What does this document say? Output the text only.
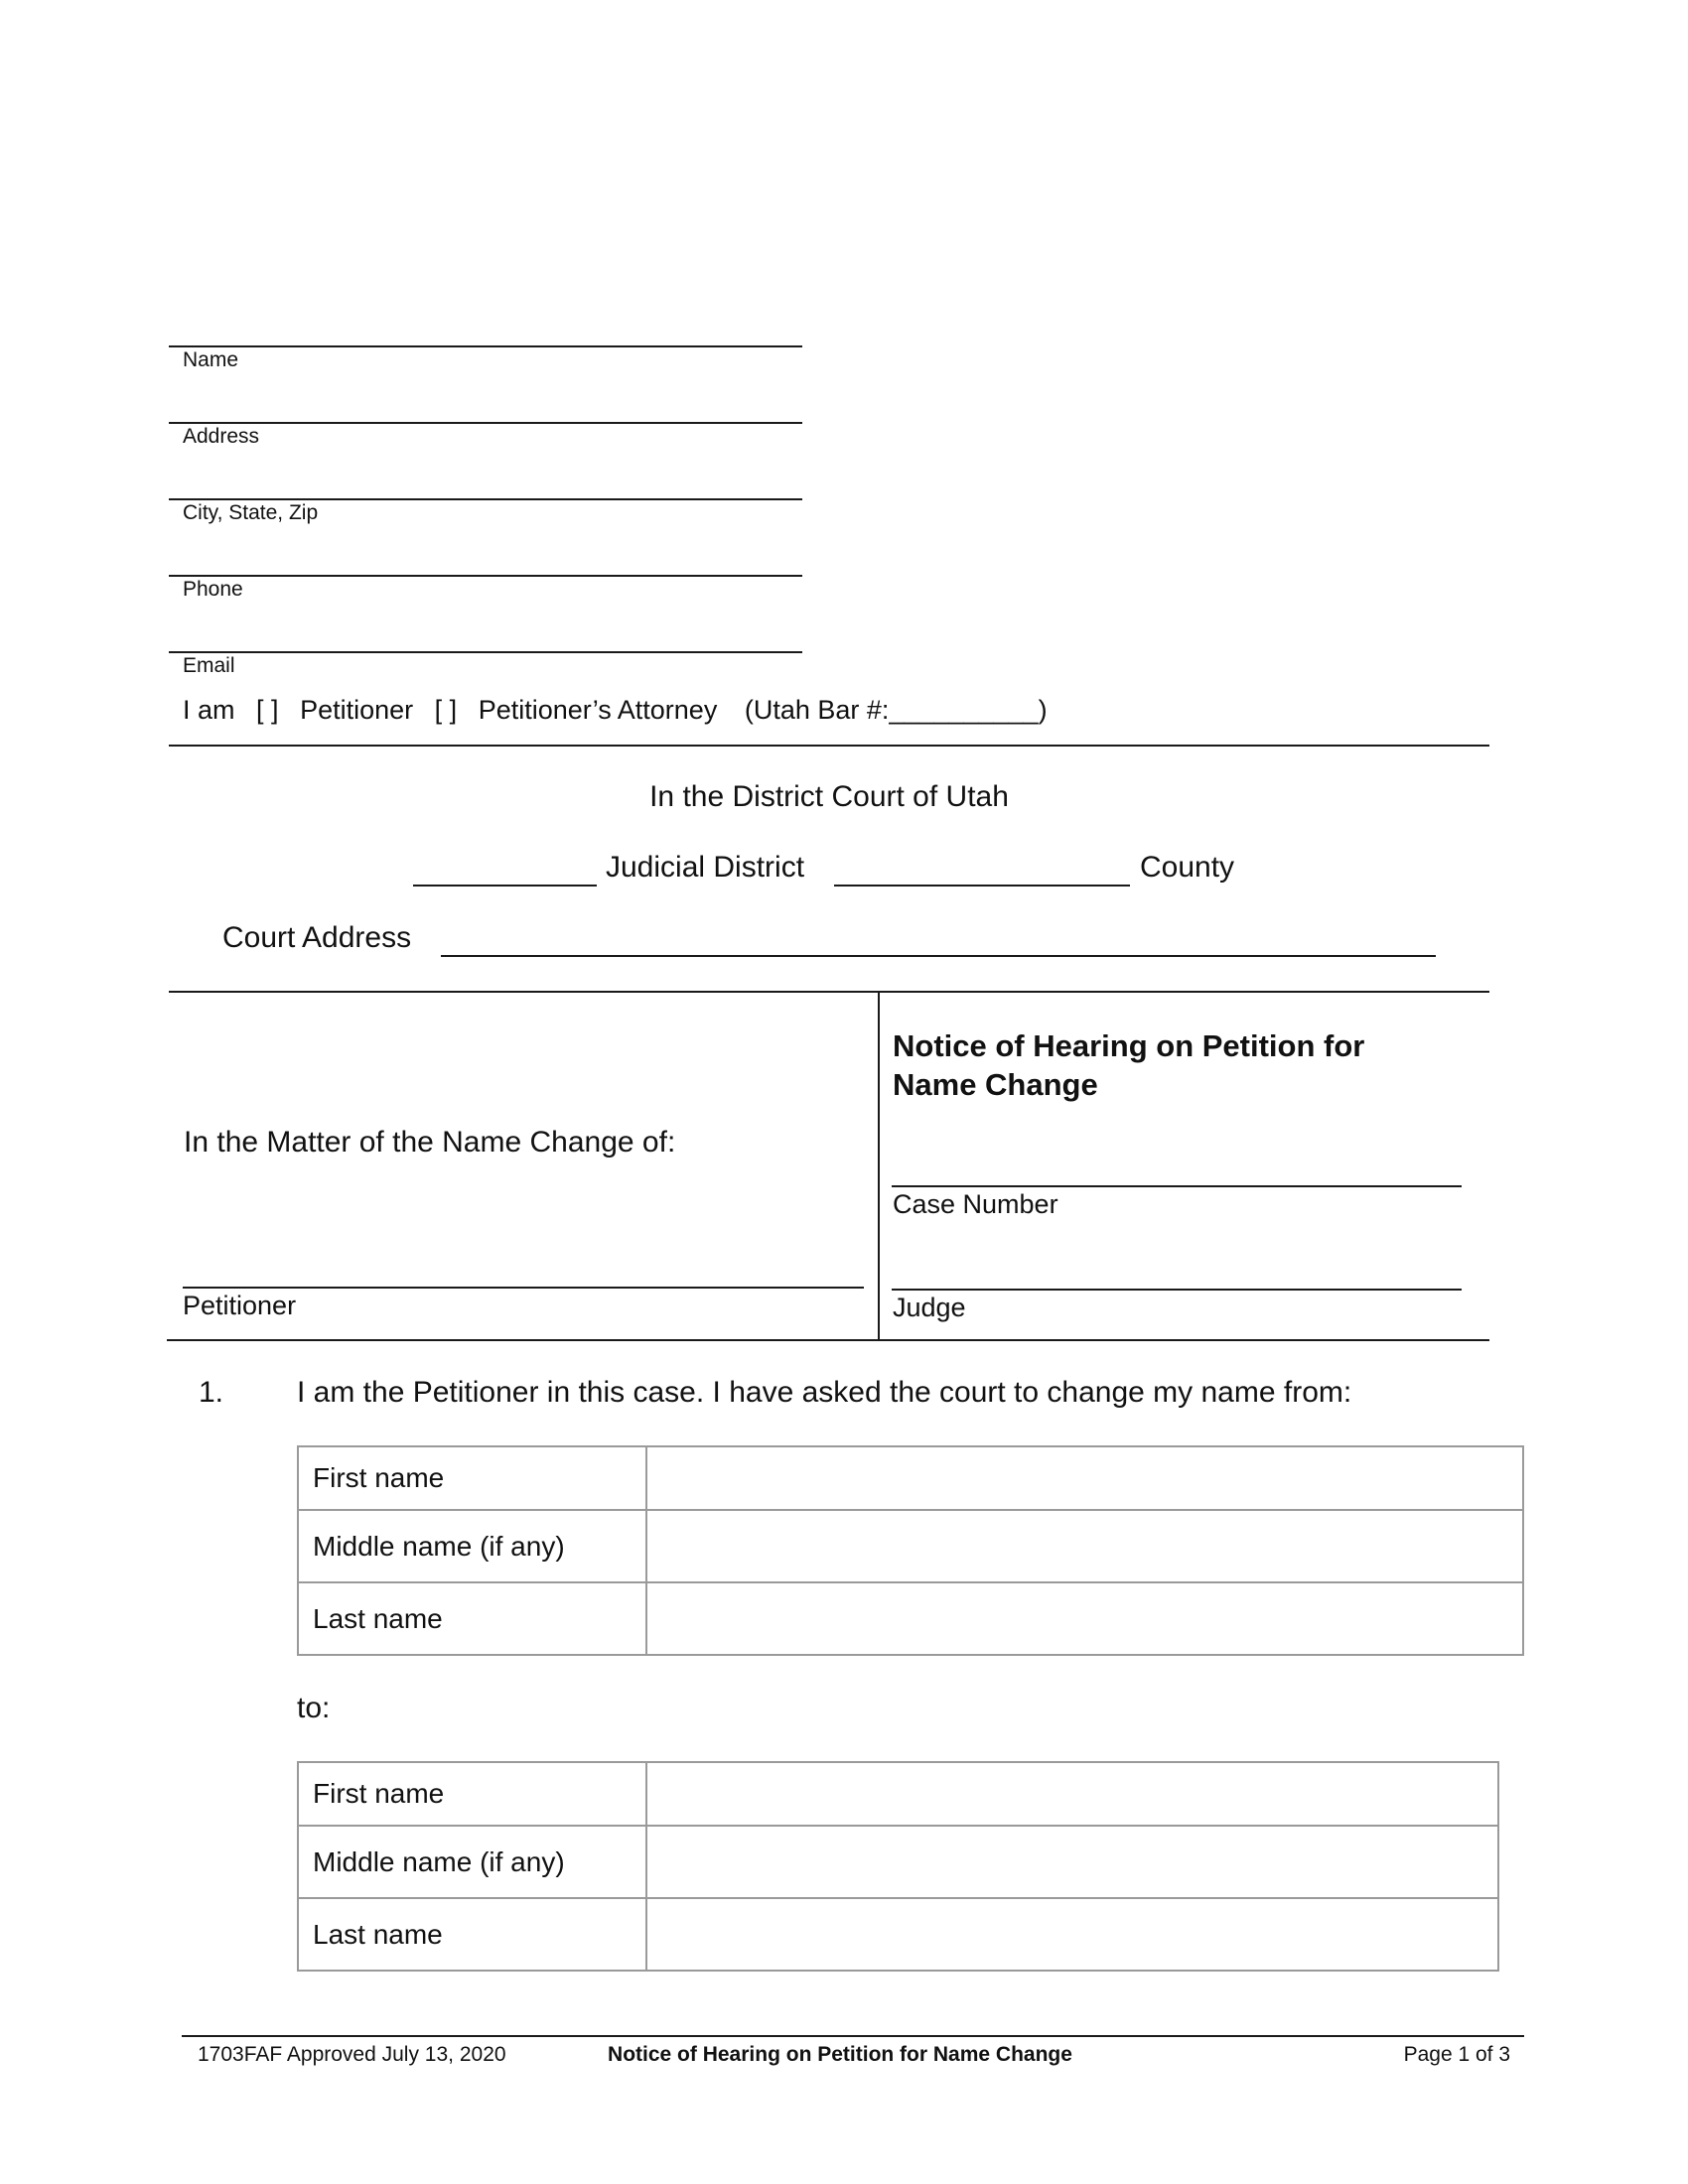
Name
Address
City, State, Zip
Phone
Email
I am [ ] Petitioner [ ] Petitioner’s Attorney (Utah Bar #:__________)
In the District Court of Utah
Judicial District	County
Court Address
In the Matter of the Name Change of:
Petitioner
Notice of Hearing on Petition for Name Change
Case Number
Judge
1. I am the Petitioner in this case. I have asked the court to change my name from:
First name	
Middle name (if any)	
Last name	
to:
First name	
Middle name (if any)	
Last name	
1703FAF Approved July 13, 2020	Notice of Hearing on Petition for Name Change	Page 1 of 3
